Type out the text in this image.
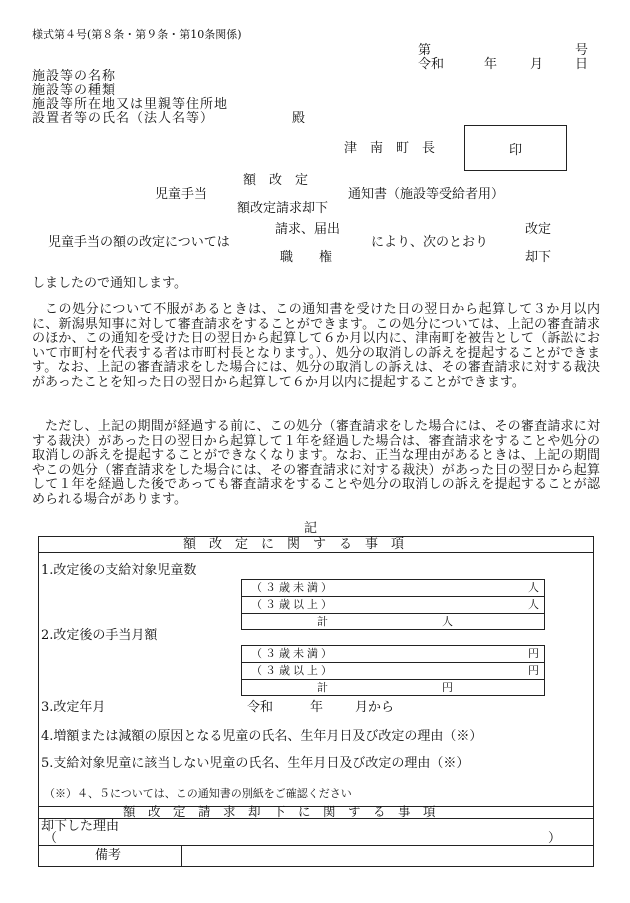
様式第４号(第８条・第９条・第10条関係)
第	号
令和	年	月 日
施設等の名称
施設等の種類
施設等所在地又は里親等住所地
設置者等の氏名（法人名等）	殿
津　南　町　長	印
額　改　定
児童手当	通知書（施設等受給者用）
額改定請求却下
請求、届出	改定
児童手当の額の改定については	により、次のとおり
職　　権	却下
しましたので通知します。
この処分について不服があるときは、この通知書を受けた日の翌日から起算して３か月以内に、新潟県知事に対して審査請求をすることができます。この処分については、上記の審査請求のほか、この通知を受けた日の翌日から起算して６か月以内に、津南町を被告として（訴訟において市町村を代表する者は市町村長となります。）、処分の取消しの訴えを提起することができます。なお、上記の審査請求をした場合には、処分の取消しの訴えは、その審査請求に対する裁決があったことを知った日の翌日から起算して６か月以内に提起することができます。
ただし、上記の期間が経過する前に、この処分（審査請求をした場合には、その審査請求に対する裁決）があった日の翌日から起算して１年を経過した場合は、審査請求をすることや処分の取消しの訴えを提起することができなくなります。なお、正当な理由があるときは、上記の期間やこの処分（審査請求をした場合には、その審査請求に対する裁決）があった日の翌日から起算して１年を経過した後であっても審査請求をすることや処分の取消しの訴えを提起することが認められる場合があります。
記
額　改　定　に　関　す　る　事　項
1.改定後の支給対象児童数
（３歳未満）	人
（３歳以上）	人
計	人
2.改定後の手当月額
（３歳未満）	円
（３歳以上）	円
計	円
3.改定年月	令和	年 月から
4.増額または減額の原因となる児童の氏名、生年月日及び改定の理由（※）
5.支給対象児童に該当しない児童の氏名、生年月日及び改定の理由（※）
（※）４、５については、この通知書の別紙をご確認ください
額　改　定　請　求　却　下　に　関　す　る　事　項
却下した理由
（	）
備考
